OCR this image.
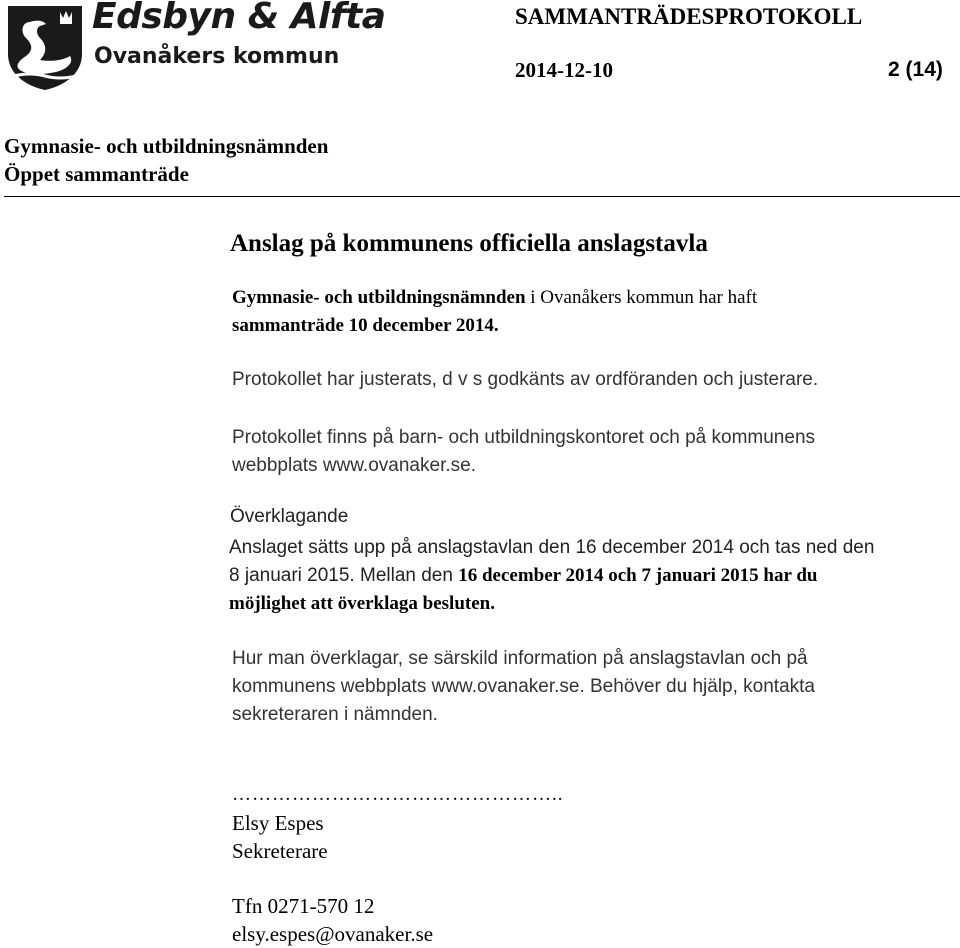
Edsbyn & Alfta
Ovanåkers kommun
SAMMANTRÄDESPROTOKOLL
2014-12-10	2 (14)
Gymnasie- och utbildningsnämnden
Öppet sammanträde
Anslag på kommunens officiella anslagstavla
Gymnasie- och utbildningsnämnden i Ovanåkers kommun har haft
sammanträde 10 december 2014.
Protokollet har justerats, d v s godkänts av ordföranden och justerare.
Protokollet finns på barn- och utbildningskontoret och på kommunens
webbplats www.ovanaker.se.
Överklagande
Anslaget sätts upp på anslagstavlan den 16 december 2014 och tas ned den
8 januari 2015. Mellan den 16 december 2014 och 7 januari 2015 har du
möjlighet att överklaga besluten.
Hur man överklagar, se särskild information på anslagstavlan och på
kommunens webbplats www.ovanaker.se. Behöver du hjälp, kontakta
sekreteraren i nämnden.
…………………………………………..
Elsy Espes
Sekreterare
Tfn 0271-570 12
elsy.espes@ovanaker.se
